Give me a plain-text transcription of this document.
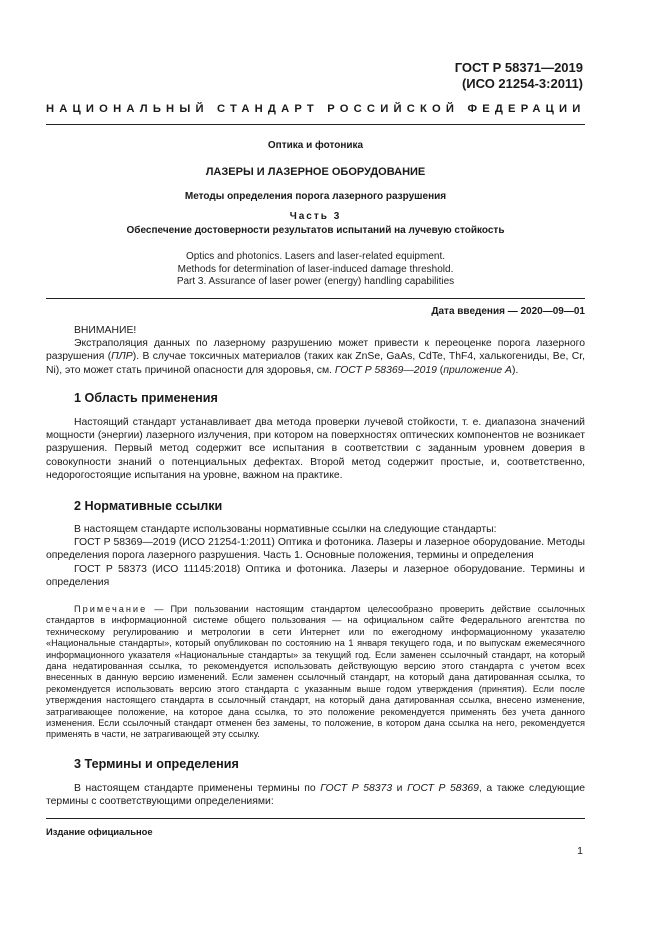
ГОСТ Р 58371—2019
(ИСО 21254-3:2011)
НАЦИОНАЛЬНЫЙ СТАНДАРТ РОССИЙСКОЙ ФЕДЕРАЦИИ
Оптика и фотоника
ЛАЗЕРЫ И ЛАЗЕРНОЕ ОБОРУДОВАНИЕ
Методы определения порога лазерного разрушения
Часть 3
Обеспечение достоверности результатов испытаний на лучевую стойкость
Optics and photonics. Lasers and laser-related equipment.
Methods for determination of laser-induced damage threshold.
Part 3. Assurance of laser power (energy) handling capabilities
Дата введения — 2020—09—01

ВНИМАНИЕ!

Экстраполяция данных по лазерному разрушению может привести к переоценке порога лазерного разрушения (ПЛР). В случае токсичных материалов (таких как ZnSe, GaAs, CdTe, ThF4, халькогениды, Be, Cr, Ni), это может стать причиной опасности для здоровья, см. ГОСТ Р 58369—2019 (приложение А).

1 Область применения

Настоящий стандарт устанавливает два метода проверки лучевой стойкости, т. е. диапазона значений мощности (энергии) лазерного излучения, при котором на поверхностях оптических компонентов не возникает разрушения. Первый метод содержит все испытания в соответствии с заданным уровнем доверия в совокупности знаний о потенциальных дефектах. Второй метод содержит простые, и, соответственно, недорогостоящие испытания на уровне, важном на практике.

2 Нормативные ссылки

В настоящем стандарте использованы нормативные ссылки на следующие стандарты:

ГОСТ Р 58369—2019 (ИСО 21254-1:2011) Оптика и фотоника. Лазеры и лазерное оборудование. Методы определения порога лазерного разрушения. Часть 1. Основные положения, термины и определения

ГОСТ Р 58373 (ИСО 11145:2018) Оптика и фотоника. Лазеры и лазерное оборудование. Термины и определения

Примечание — При пользовании настоящим стандартом целесообразно проверить действие ссылочных стандартов в информационной системе общего пользования — на официальном сайте Федерального агентства по техническому регулированию и метрологии в сети Интернет или по ежегодному информационному указателю «Национальные стандарты», который опубликован по состоянию на 1 января текущего года, и по выпускам ежемесячного информационного указателя «Национальные стандарты» за текущий год. Если заменен ссылочный стандарт, на который дана недатированная ссылка, то рекомендуется использовать действующую версию этого стандарта с учетом всех внесенных в данную версию изменений. Если заменен ссылочный стандарт, на который дана датированная ссылка, то рекомендуется использовать версию этого стандарта с указанным выше годом утверждения (принятия). Если после утверждения настоящего стандарта в ссылочный стандарт, на который дана датированная ссылка, внесено изменение, затрагивающее положение, на которое дана ссылка, то это положение рекомендуется применять без учета данного изменения. Если ссылочный стандарт отменен без замены, то положение, в котором дана ссылка на него, рекомендуется применять в части, не затрагивающей эту ссылку.

3 Термины и определения

В настоящем стандарте применены термины по ГОСТ Р 58373 и ГОСТ Р 58369, а также следующие термины с соответствующими определениями:

Издание официальное
1
